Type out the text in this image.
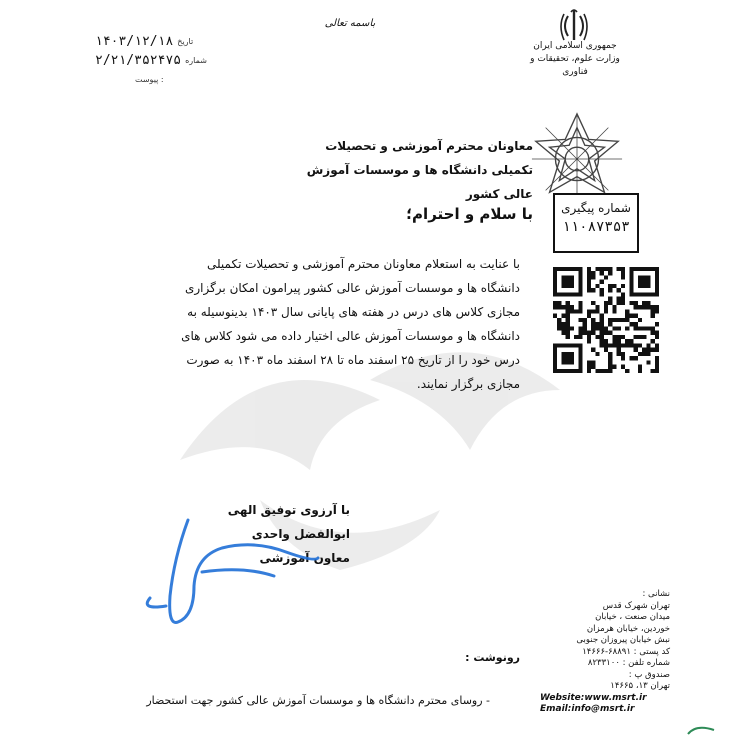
تاریخ
۱۴۰۳/۱۲/۱۸
شماره
۲/۲۱/۳۵۲۴۷۵
پیوست :
باسمه تعالی
جمهوری اسلامی ایران
وزارت علوم، تحقیقات و فناوری
شماره پیگیری
۱۱۰۸۷۳۵۳
معاونان محترم آموزشی و تحصیلات تکمیلی دانشگاه ها و موسسات آموزش
عالی کشور
با سلام و احترام؛
با عنایت به استعلام معاونان محترم آموزشی و تحصیلات تکمیلی
دانشگاه ها و موسسات آموزش عالی کشور پیرامون امکان برگزاری
مجازی کلاس های درس در هفته های پایانی سال ۱۴۰۳ بدینوسیله به
دانشگاه ها و موسسات آموزش عالی اختیار داده می شود کلاس های
درس خود را از تاریخ ۲۵ اسفند ماه تا ۲۸ اسفند ماه ۱۴۰۳ به صورت
مجازی برگزار نمایند.
با آرزوی توفیق الهی
ابوالفضل واحدی
معاون آموزشی
رونوشت :
- روسای محترم دانشگاه ها و موسسات آموزش عالی کشور جهت استحضار
نشانی :
تهران شهرک قدس
میدان صنعت ، خیابان
خوردین، خیابان هرمزان
نبش خیابان پیروزان جنوبی
کد پستی : ۶۸۸۹۱-۱۴۶۶۶
شماره تلفن : ۸۲۳۳۱۰۰
صندوق پ :
تهران ۱۳، ۱۴۶۶۵
Website:www.msrt.ir
Email:info@msrt.ir
